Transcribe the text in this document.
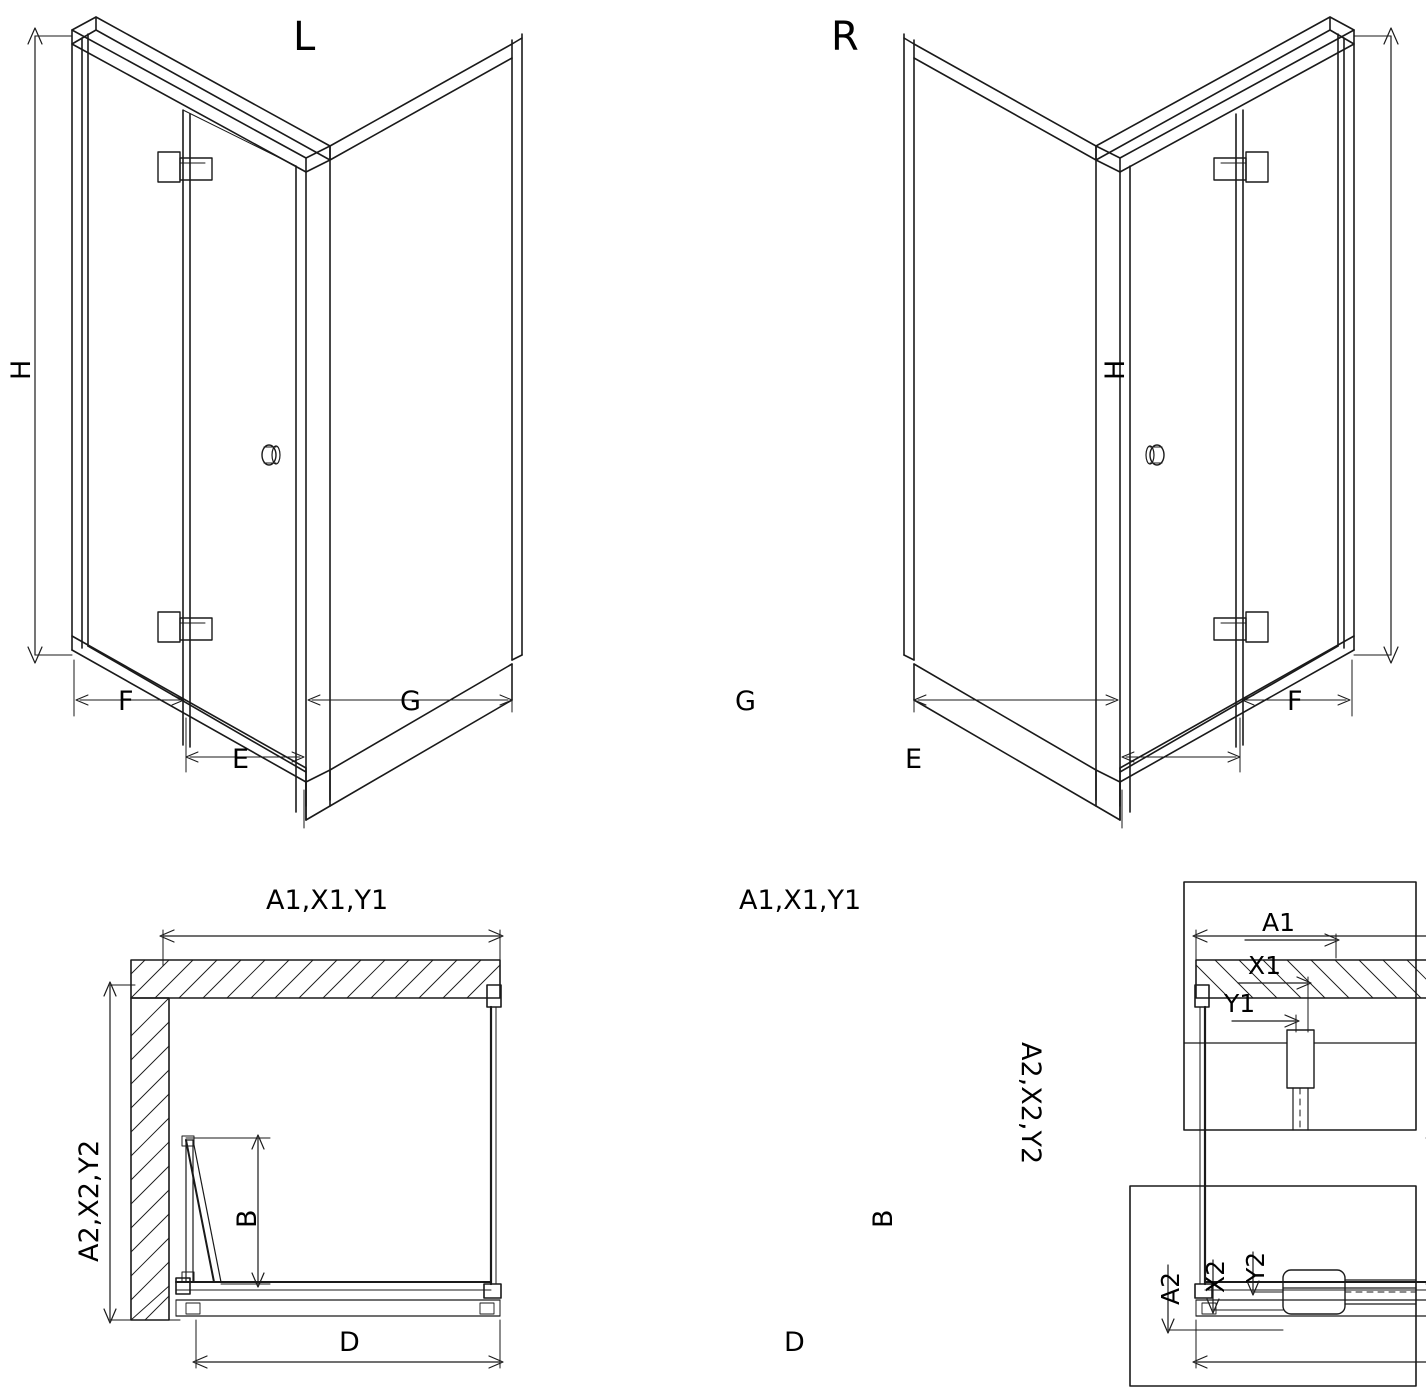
L	R
H	H
F
E
G	F
E
G
A1,X1,Y1
A2,X2,Y2	B
D
A1,X1,Y1
A2,X2,Y2
B
D
A1
X1
Y1
A2 X2 Y2
